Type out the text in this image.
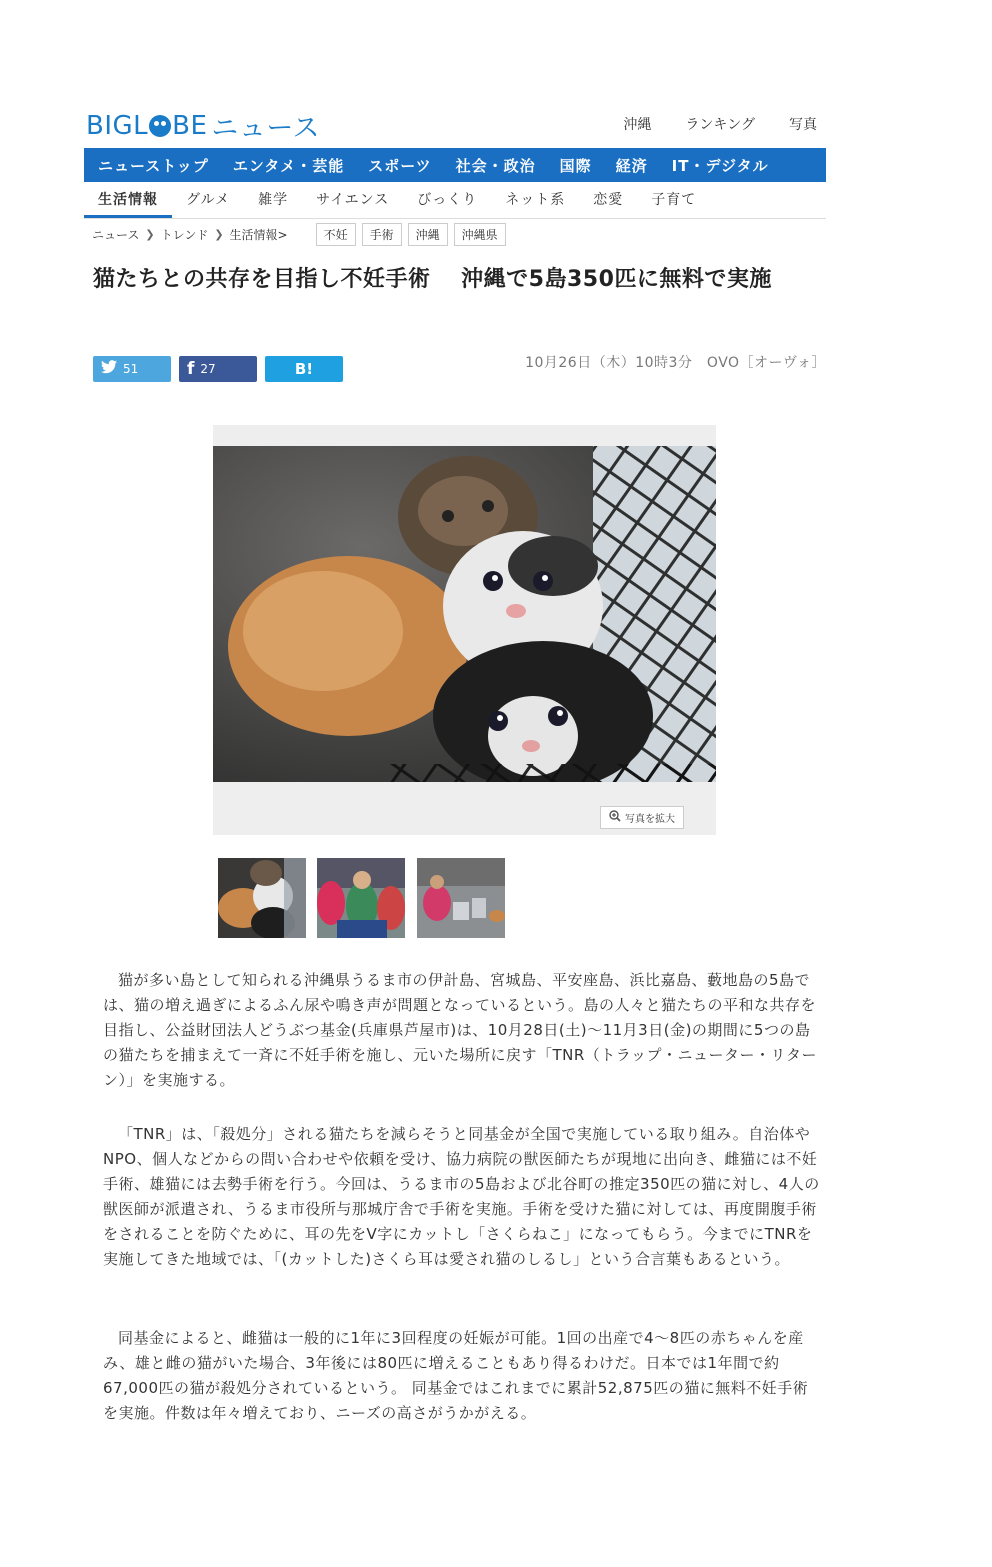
BIGL BE ニュース	沖縄 ランキング 写真
ニューストップ	エンタメ・芸能	スポーツ	社会・政治	国際	経済	IT・デジタル
生活情報	グルメ	雑学	サイエンス	びっくり	ネット系	恋愛	子育て
ニュース ❯ トレンド ❯ 生活情報>	不妊	手術	沖縄	沖縄県
猫たちとの共存を目指し不妊手術　 沖縄で5島350匹に無料で実施
51	f 27	B!	10月26日（木）10時3分　OVO［オーヴォ］
写真を拡大

猫が多い島として知られる沖縄県うるま市の伊計島、宮城島、平安座島、浜比嘉島、藪地島の5島では、猫の増え過ぎによるふん尿や鳴き声が問題となっているという。島の人々と猫たちの平和な共存を目指し、公益財団法人どうぶつ基金(兵庫県芦屋市)は、10月28日(土)～11月3日(金)の期間に5つの島の猫たちを捕まえて一斉に不妊手術を施し、元いた場所に戻す「TNR（トラップ・ニューター・リターン）」を実施する。

「TNR」は、「殺処分」される猫たちを減らそうと同基金が全国で実施している取り組み。自治体やNPO、個人などからの問い合わせや依頼を受け、協力病院の獣医師たちが現地に出向き、雌猫には不妊手術、雄猫には去勢手術を行う。今回は、うるま市の5島および北谷町の推定350匹の猫に対し、4人の獣医師が派遣され、うるま市役所与那城庁舎で手術を実施。手術を受けた猫に対しては、再度開腹手術をされることを防ぐために、耳の先をV字にカットし「さくらねこ」になってもらう。今までにTNRを実施してきた地域では、「(カットした)さくら耳は愛され猫のしるし」という合言葉もあるという。

同基金によると、雌猫は一般的に1年に3回程度の妊娠が可能。1回の出産で4～8匹の赤ちゃんを産み、雄と雌の猫がいた場合、3年後には80匹に増えることもあり得るわけだ。日本では1年間で約67,000匹の猫が殺処分されているという。 同基金ではこれまでに累計52,875匹の猫に無料不妊手術を実施。件数は年々増えており、ニーズの高さがうかがえる。
